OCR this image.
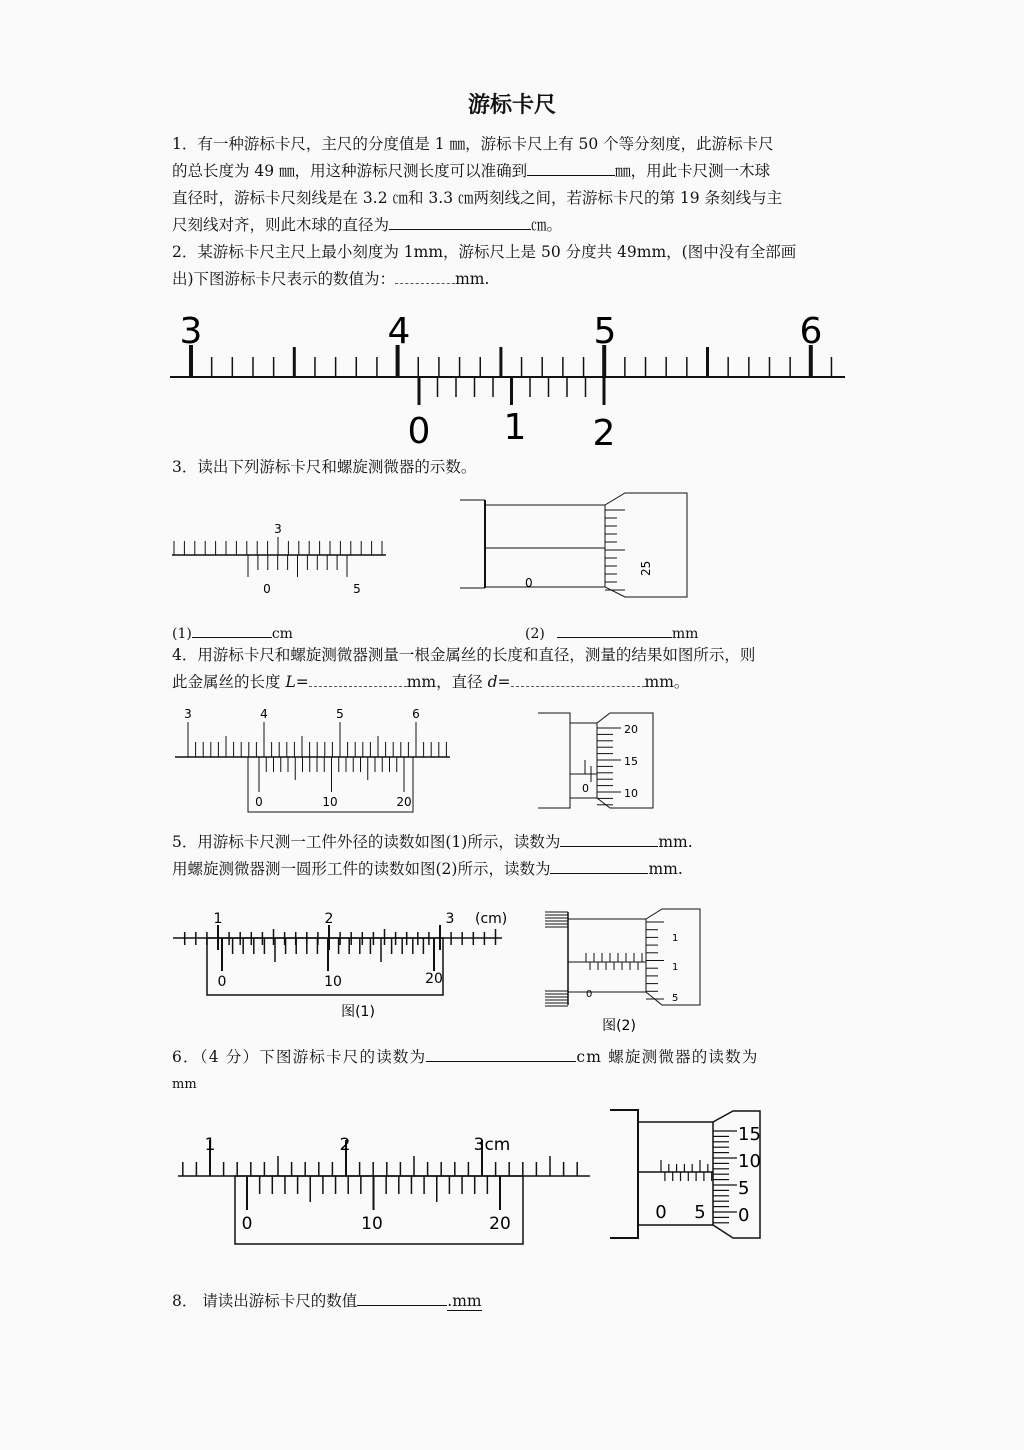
游标卡尺
1．有一种游标卡尺，主尺的分度值是 1 ㎜，游标卡尺上有 50 个等分刻度，此游标卡尺
的总长度为 49 ㎜，用这种游标尺测长度可以准确到	㎜，用此卡尺测一木球
直径时，游标卡尺刻线是在 3.2 ㎝和 3.3 ㎝两刻线之间，若游标卡尺的第 19 条刻线与主
尺刻线对齐，则此木球的直径为	㎝。
2．某游标卡尺主尺上最小刻度为 1mm，游标尺上是 50 分度共 49mm，(图中没有全部画
出)下图游标卡尺表示的数值为：	mm.
3	4	5	6
0 1 2
3．读出下列游标卡尺和螺旋测微器的示数。
3
0	5	0
25
(1)	cm	(2)	mm
4．用游标卡尺和螺旋测微器测量一根金属丝的长度和直径，测量的结果如图所示，则
此金属丝的长度 L=	mm，直径 d=	mm。
3	4	5	6
0	10	20
20
15
10
0
5．用游标卡尺测一工件外径的读数如图(1)所示，读数为	mm.
用螺旋测微器测一圆形工件的读数如图(2)所示，读数为	mm.
1	2	3 (cm)
0	10	20
图(1)
1
1
5
0
图(2)
6．（4 分）下图游标卡尺的读数为	cm 螺旋测微器的读数为
mm
1	2	3cm
0	10	20
15
10
5
0
0 5
8． 请读出游标卡尺的数值	.mm
